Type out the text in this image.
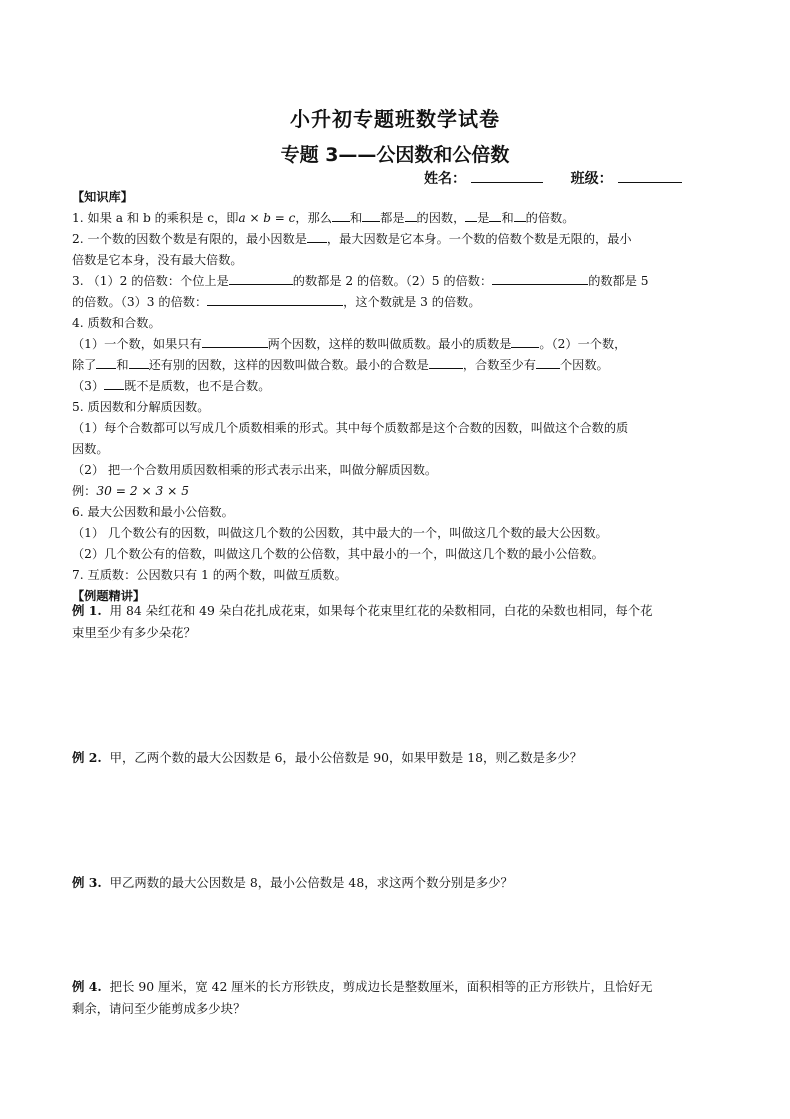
小升初专题班数学试卷
专题 3——公因数和公倍数
姓名：	班级：
【知识库】
1. 如果 a 和 b 的乘积是 c，即a × b = c，那么 和 都是 的因数， 是 和 的倍数。
2. 一个数的因数个数是有限的，最小因数是 ，最大因数是它本身。一个数的倍数个数是无限的，最小
倍数是它本身，没有最大倍数。
3. （1）2 的倍数：个位上是	的数都是 2 的倍数。（2）5 的倍数：	的数都是 5
的倍数。（3）3 的倍数：	，这个数就是 3 的倍数。
4. 质数和合数。
（1）一个数，如果只有	两个因数，这样的数叫做质数。最小的质数是 。（2）一个数，
除了 和 还有别的因数，这样的因数叫做合数。最小的合数是	，合数至少有 个因数。
（3） 既不是质数，也不是合数。
5. 质因数和分解质因数。
（1）每个合数都可以写成几个质数相乘的形式。其中每个质数都是这个合数的因数，叫做这个合数的质
因数。
（2） 把一个合数用质因数相乘的形式表示出来，叫做分解质因数。
例：30 = 2 × 3 × 5
6. 最大公因数和最小公倍数。
（1） 几个数公有的因数，叫做这几个数的公因数，其中最大的一个，叫做这几个数的最大公因数。
（2）几个数公有的倍数，叫做这几个数的公倍数，其中最小的一个，叫做这几个数的最小公倍数。
7. 互质数：公因数只有 1 的两个数，叫做互质数。
【例题精讲】
例 1. 用 84 朵红花和 49 朵白花扎成花束，如果每个花束里红花的朵数相同，白花的朵数也相同，每个花
束里至少有多少朵花？
例 2. 甲，乙两个数的最大公因数是 6，最小公倍数是 90，如果甲数是 18，则乙数是多少？
例 3. 甲乙两数的最大公因数是 8，最小公倍数是 48，求这两个数分别是多少？
例 4. 把长 90 厘米，宽 42 厘米的长方形铁皮，剪成边长是整数厘米，面积相等的正方形铁片，且恰好无
剩余，请问至少能剪成多少块？
